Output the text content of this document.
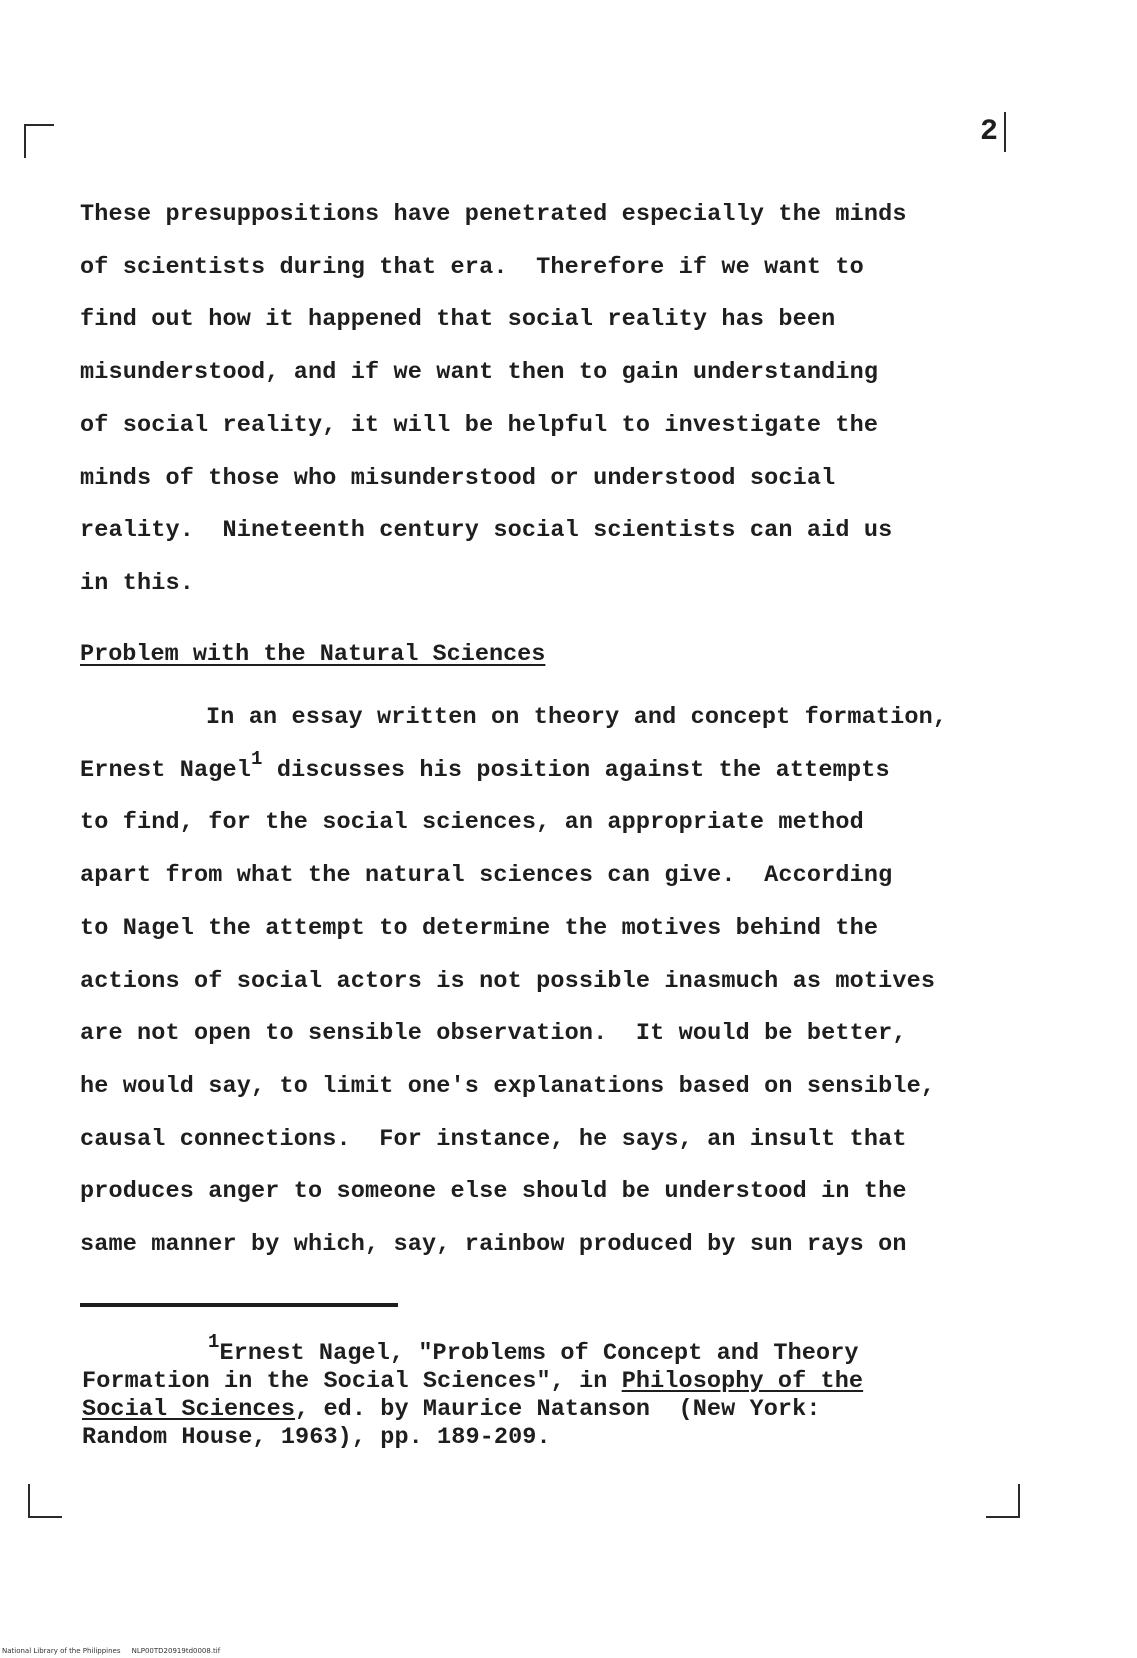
2
These presuppositions have penetrated especially the minds
of scientists during that era.  Therefore if we want to
find out how it happened that social reality has been
misunderstood, and if we want then to gain understanding
of social reality, it will be helpful to investigate the
minds of those who misunderstood or understood social
reality.  Nineteenth century social scientists can aid us
in this.
Problem with the Natural Sciences
In an essay written on theory and concept formation,
Ernest Nagel$^1$ discusses his position against the attempts
to find, for the social sciences, an appropriate method
apart from what the natural sciences can give.  According
to Nagel the attempt to determine the motives behind the
actions of social actors is not possible inasmuch as motives
are not open to sensible observation.  It would be better,
he would say, to limit one's explanations based on sensible,
causal connections.  For instance, he says, an insult that
produces anger to someone else should be understood in the
same manner by which, say, rainbow produced by sun rays on
$^1$Ernest Nagel, "Problems of Concept and Theory
Formation in the Social Sciences", in Philosophy of the
Social Sciences, ed. by Maurice Natanson  (New York:
Random House, 1963), pp. 189-209.
National Library of the Philippines     NLP00TD20919td0008.tif
